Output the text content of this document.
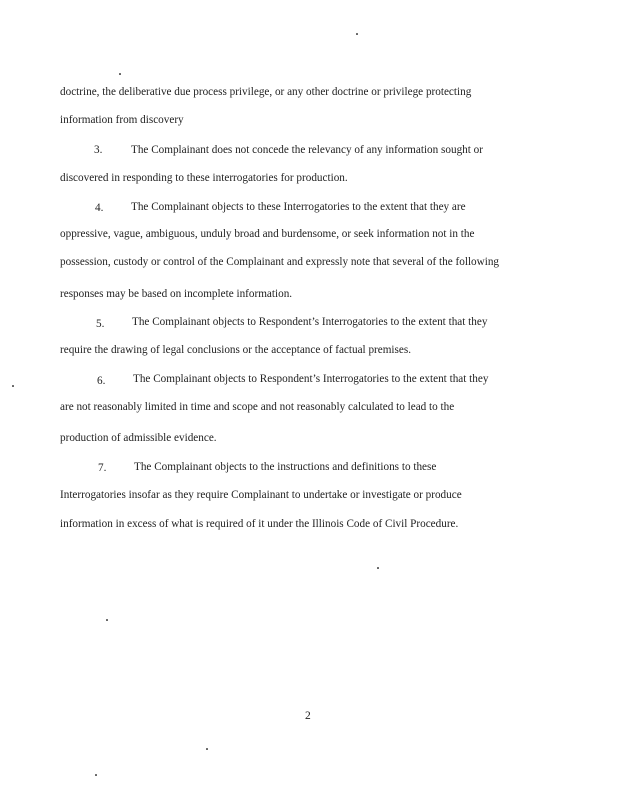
doctrine, the deliberative due process privilege, or any other doctrine or privilege protecting
information from discovery
3.	The Complainant does not concede the relevancy of any information sought or
discovered in responding to these interrogatories for production.
4. The Complainant objects to these Interrogatories to the extent that they are
oppressive, vague, ambiguous, unduly broad and burdensome, or seek information not in the
possession, custody or control of the Complainant and expressly note that several of the following
responses may be based on incomplete information.
5. The Complainant objects to Respondent’s Interrogatories to the extent that they
require the drawing of legal conclusions or the acceptance of factual premises.
6. The Complainant objects to Respondent’s Interrogatories to the extent that they
are not reasonably limited in time and scope and not reasonably calculated to lead to the
production of admissible evidence.
7. The Complainant objects to the instructions and definitions to these
Interrogatories insofar as they require Complainant to undertake or investigate or produce
information in excess of what is required of it under the Illinois Code of Civil Procedure.
2
